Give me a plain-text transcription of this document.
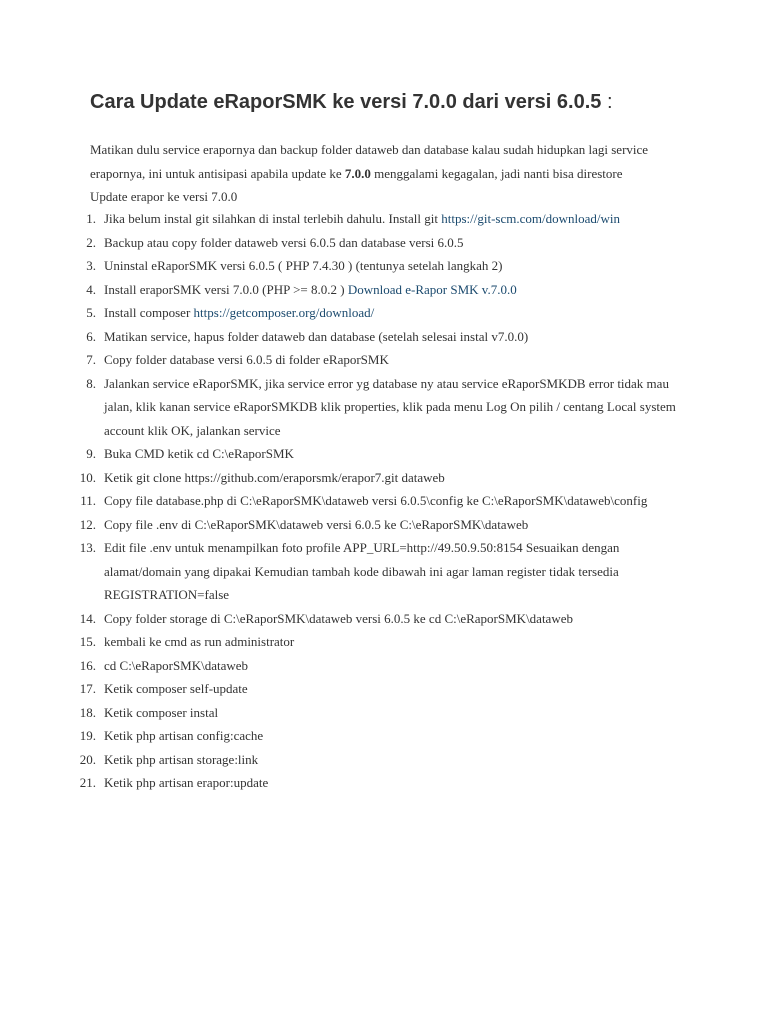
Cara Update eRaporSMK ke versi 7.0.0 dari versi 6.0.5 :

Matikan dulu service erapornya dan backup folder dataweb dan database kalau sudah hidupkan lagi service erapornya, ini untuk antisipasi apabila update ke 7.0.0 menggalami kegagalan, jadi nanti bisa direstore

Update erapor ke versi 7.0.0

1. Jika belum instal git silahkan di instal terlebih dahulu. Install git https://git-scm.com/download/win
2. Backup atau copy folder dataweb versi 6.0.5 dan database versi 6.0.5
3. Uninstal eRaporSMK versi 6.0.5 ( PHP 7.4.30 ) (tentunya setelah langkah 2)
4. Install eraporSMK versi 7.0.0 (PHP >= 8.0.2 ) Download e-Rapor SMK v.7.0.0
5. Install composer https://getcomposer.org/download/
6. Matikan service, hapus folder dataweb dan database (setelah selesai instal v7.0.0)
7. Copy folder database versi 6.0.5 di folder eRaporSMK
8. Jalankan service eRaporSMK, jika service error yg database ny atau service eRaporSMKDB error tidak mau jalan, klik kanan service eRaporSMKDB klik properties, klik pada menu Log On pilih / centang Local system account klik OK, jalankan service
9. Buka CMD ketik cd C:\eRaporSMK
10. Ketik git clone https://github.com/eraporsmk/erapor7.git dataweb
11. Copy file database.php di C:\eRaporSMK\dataweb versi 6.0.5\config ke C:\eRaporSMK\dataweb\config
12. Copy file .env di C:\eRaporSMK\dataweb versi 6.0.5 ke C:\eRaporSMK\dataweb
13. Edit file .env untuk menampilkan foto profile APP_URL=http://49.50.9.50:8154 Sesuaikan dengan alamat/domain yang dipakai Kemudian tambah kode dibawah ini agar laman register tidak tersedia REGISTRATION=false
14. Copy folder storage di C:\eRaporSMK\dataweb versi 6.0.5 ke cd C:\eRaporSMK\dataweb
15. kembali ke cmd as run administrator
16. cd C:\eRaporSMK\dataweb
17. Ketik composer self-update
18. Ketik composer instal
19. Ketik php artisan config:cache
20. Ketik php artisan storage:link
21. Ketik php artisan erapor:update
